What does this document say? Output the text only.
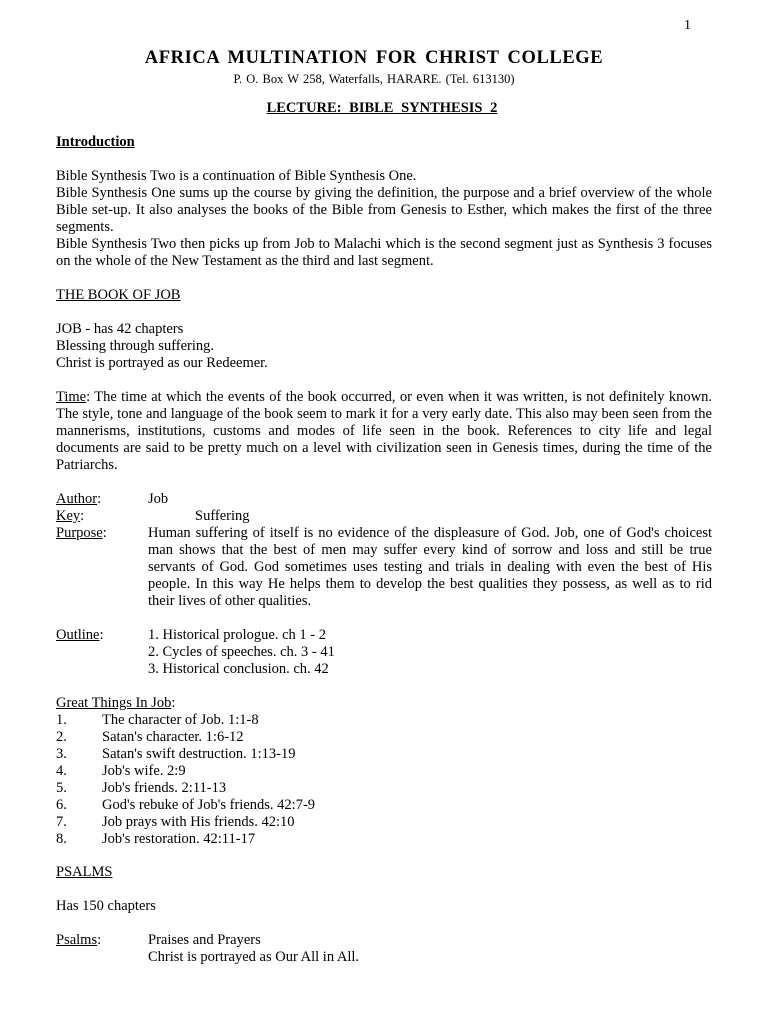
1
AFRICA MULTINATION FOR CHRIST COLLEGE
P. O. Box W 258, Waterfalls, HARARE. (Tel. 613130)
LECTURE: BIBLE SYNTHESIS 2
Introduction
Bible Synthesis Two is a continuation of Bible Synthesis One.
Bible Synthesis One sums up the course by giving the definition, the purpose and a brief overview of the whole Bible set-up. It also analyses the books of the Bible from Genesis to Esther, which makes the first of the three segments.
Bible Synthesis Two then picks up from Job to Malachi which is the second segment just as Synthesis 3 focuses on the whole of the New Testament as the third and last segment.
THE BOOK OF JOB
JOB - has 42 chapters
Blessing through suffering.
Christ is portrayed as our Redeemer.
Time: The time at which the events of the book occurred, or even when it was written, is not definitely known. The style, tone and language of the book seem to mark it for a very early date. This also may been seen from the mannerisms, institutions, customs and modes of life seen in the book. References to city life and legal documents are said to be pretty much on a level with civilization seen in Genesis times, during the time of the Patriarchs.
Author:	Job
Key:	Suffering
Purpose:	Human suffering of itself is no evidence of the displeasure of God. Job, one of God's choicest man shows that the best of men may suffer every kind of sorrow and loss and still be true servants of God. God sometimes uses testing and trials in dealing with even the best of His people. In this way He helps them to develop the best qualities they possess, as well as to rid their lives of other qualities.
Outline:	1. Historical prologue. ch 1 - 2
2. Cycles of speeches. ch. 3 - 41
3. Historical conclusion. ch. 42
Great Things In Job:
1. The character of Job. 1:1-8
2. Satan's character. 1:6-12
3. Satan's swift destruction. 1:13-19
4. Job's wife. 2:9
5. Job's friends. 2:11-13
6. God's rebuke of Job's friends. 42:7-9
7. Job prays with His friends. 42:10
8. Job's restoration. 42:11-17
PSALMS
Has 150 chapters
Psalms:	Praises and Prayers
Christ is portrayed as Our All in All.
